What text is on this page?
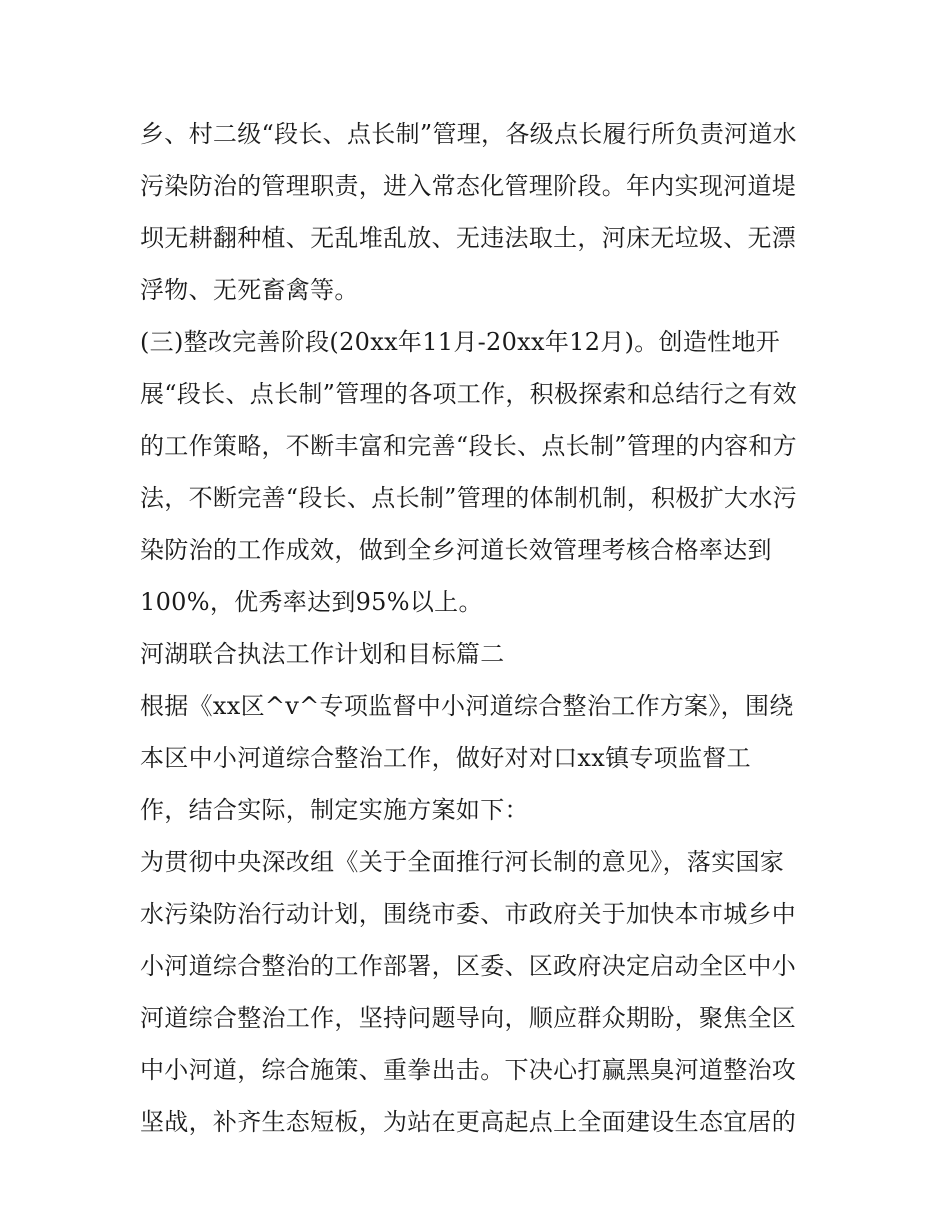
乡、村二级“段长、点长制”管理，各级点长履行所负责河道水
污染防治的管理职责，进入常态化管理阶段。年内实现河道堤
坝无耕翻种植、无乱堆乱放、无违法取土，河床无垃圾、无漂
浮物、无死畜禽等。
(三)整改完善阶段(20xx年11月-20xx年12月)。创造性地开
展“段长、点长制”管理的各项工作，积极探索和总结行之有效
的工作策略，不断丰富和完善“段长、点长制”管理的内容和方
法，不断完善“段长、点长制”管理的体制机制，积极扩大水污
染防治的工作成效，做到全乡河道长效管理考核合格率达到
100%，优秀率达到95%以上。
河湖联合执法工作计划和目标篇二
根据《xx区^v^专项监督中小河道综合整治工作方案》，围绕
本区中小河道综合整治工作，做好对对口xx镇专项监督工
作，结合实际，制定实施方案如下：
为贯彻中央深改组《关于全面推行河长制的意见》，落实国家
水污染防治行动计划，围绕市委、市政府关于加快本市城乡中
小河道综合整治的工作部署，区委、区政府决定启动全区中小
河道综合整治工作，坚持问题导向，顺应群众期盼，聚焦全区
中小河道，综合施策、重拳出击。下决心打赢黑臭河道整治攻
坚战，补齐生态短板，为站在更高起点上全面建设生态宜居的
